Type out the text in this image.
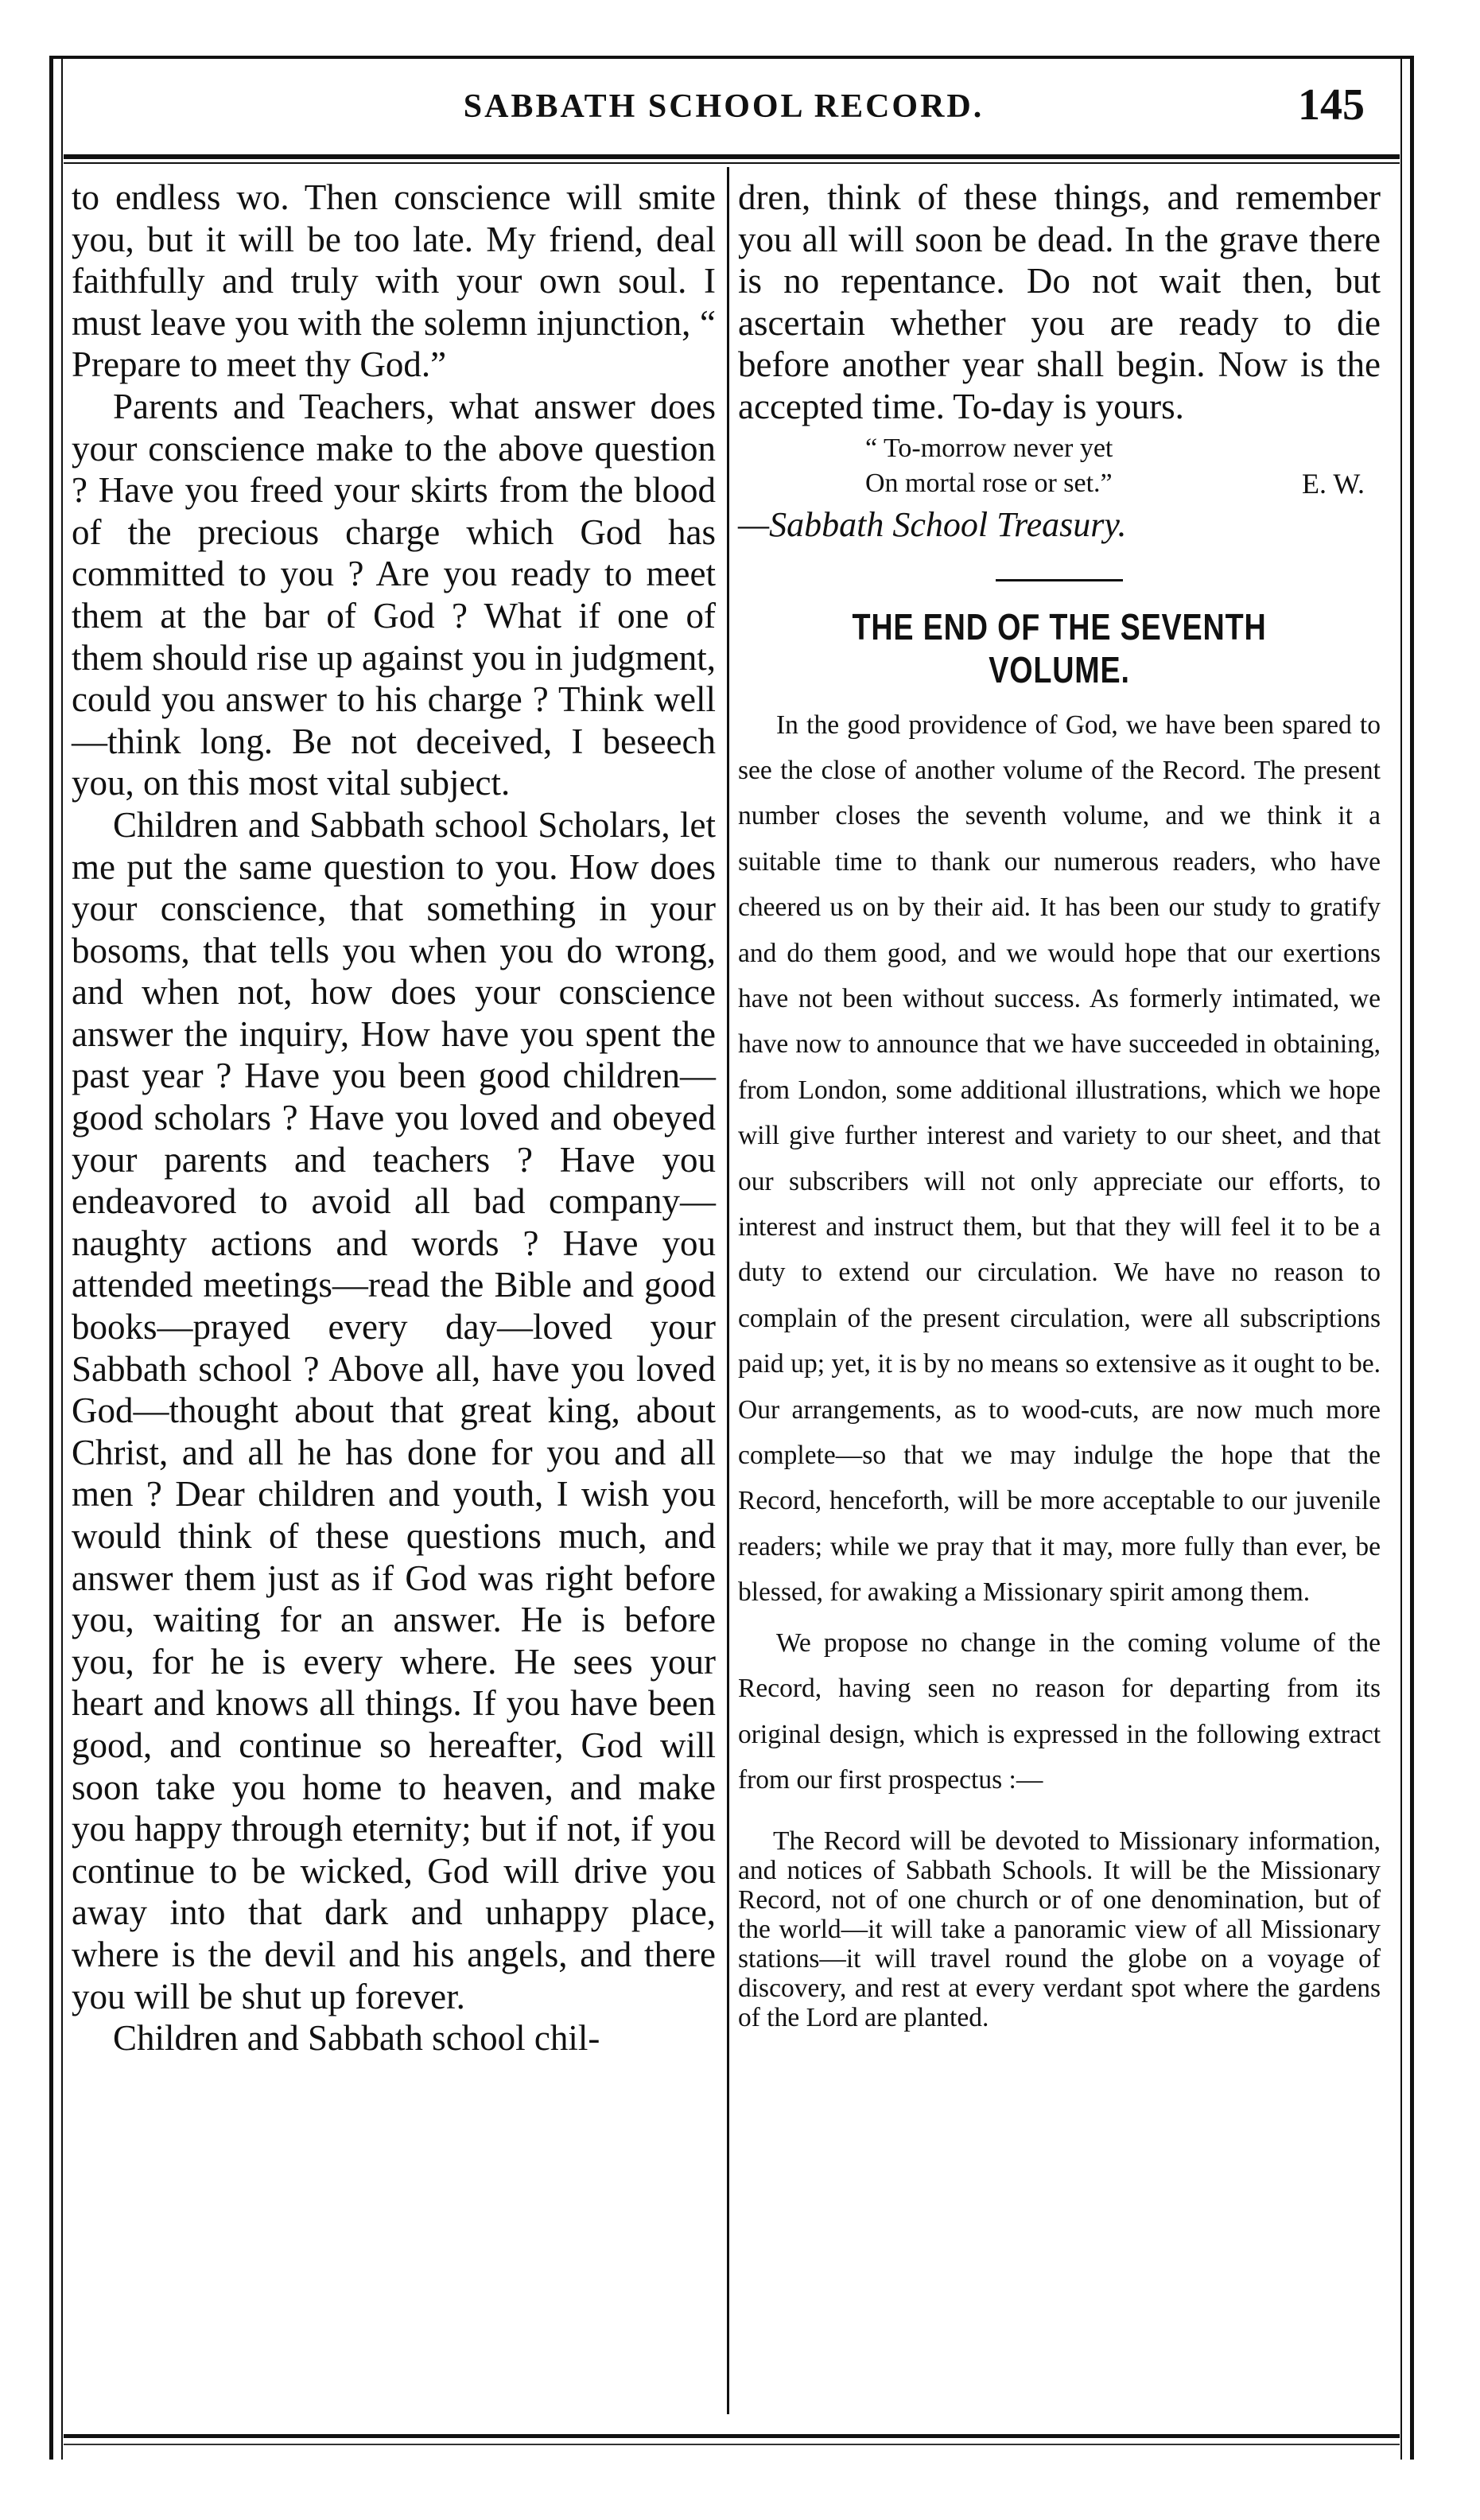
SABBATH SCHOOL RECORD.	145

to endless wo. Then conscience will smite you, but it will be too late. My friend, deal faithfully and truly with your own soul. I must leave you with the solemn injunction, “ Prepare to meet thy God.”

Parents and Teachers, what answer does your conscience make to the above question ? Have you freed your skirts from the blood of the precious charge which God has committed to you ? Are you ready to meet them at the bar of God ? What if one of them should rise up against you in judgment, could you answer to his charge ? Think well—think long. Be not deceived, I beseech you, on this most vital subject.

Children and Sabbath school Scholars, let me put the same question to you. How does your conscience, that something in your bosoms, that tells you when you do wrong, and when not, how does your conscience answer the inquiry, How have you spent the past year ? Have you been good children—good scholars ? Have you loved and obeyed your parents and teachers ? Have you endeavored to avoid all bad company—naughty actions and words ? Have you attended meetings—read the Bible and good books—prayed every day—loved your Sabbath school ? Above all, have you loved God—thought about that great king, about Christ, and all he has done for you and all men ? Dear children and youth, I wish you would think of these questions much, and answer them just as if God was right before you, waiting for an answer. He is before you, for he is every where. He sees your heart and knows all things. If you have been good, and continue so hereafter, God will soon take you home to heaven, and make you happy through eternity; but if not, if you continue to be wicked, God will drive you away into that dark and unhappy place, where is the devil and his angels, and there you will be shut up forever.

Children and Sabbath school chil-

dren, think of these things, and remember you all will soon be dead. In the grave there is no repentance. Do not wait then, but ascertain whether you are ready to die before another year shall begin. Now is the accepted time. To-day is yours.

“ To-morrow never yet
On mortal rose or set.”	E. W.

—Sabbath School Treasury.

THE END OF THE SEVENTH VOLUME.

In the good providence of God, we have been spared to see the close of another volume of the Record. The present number closes the seventh volume, and we think it a suitable time to thank our numerous readers, who have cheered us on by their aid. It has been our study to gratify and do them good, and we would hope that our exertions have not been without success. As formerly intimated, we have now to announce that we have succeeded in obtaining, from London, some additional illustrations, which we hope will give further interest and variety to our sheet, and that our subscribers will not only appreciate our efforts, to interest and instruct them, but that they will feel it to be a duty to extend our circulation. We have no reason to complain of the present circulation, were all subscriptions paid up; yet, it is by no means so extensive as it ought to be. Our arrangements, as to wood-cuts, are now much more complete—so that we may indulge the hope that the Record, henceforth, will be more acceptable to our juvenile readers; while we pray that it may, more fully than ever, be blessed, for awaking a Missionary spirit among them.

We propose no change in the coming volume of the Record, having seen no reason for departing from its original design, which is expressed in the following extract from our first prospectus :—

The Record will be devoted to Missionary information, and notices of Sabbath Schools. It will be the Missionary Record, not of one church or of one denomination, but of the world—it will take a panoramic view of all Missionary stations—it will travel round the globe on a voyage of discovery, and rest at every verdant spot where the gardens of the Lord are planted.
